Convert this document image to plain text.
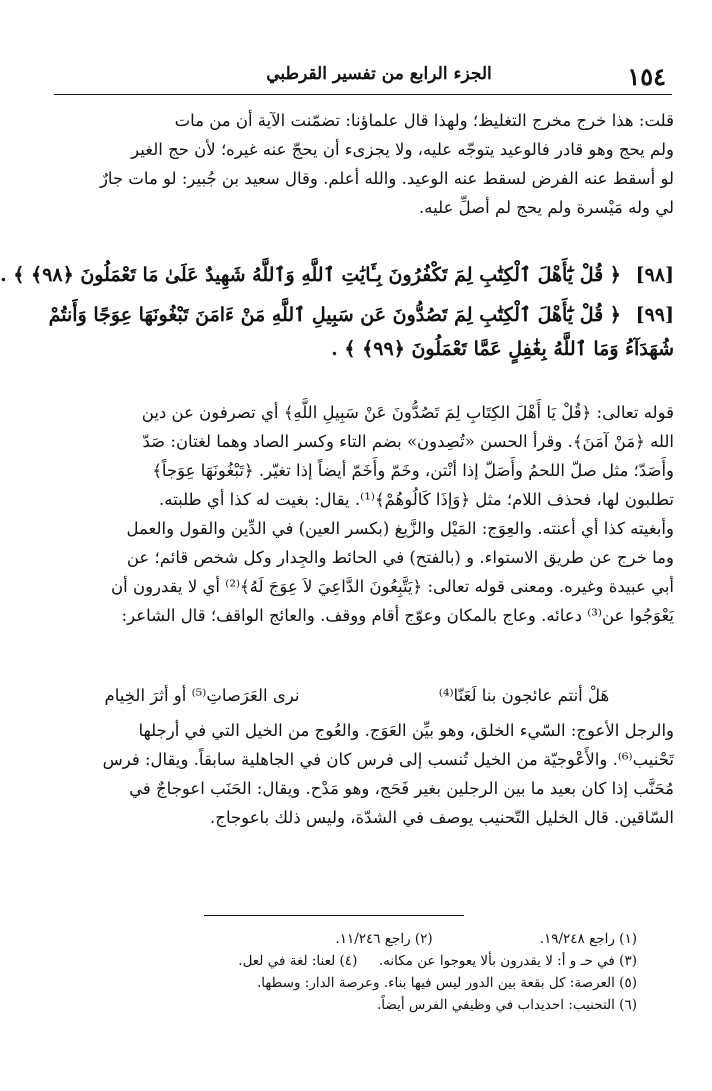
١٥٤
الجزء الرابع من تفسير القرطبي
قلت: هذا خرج مخرج التغليظ؛ ولهذا قال علماؤنا: تضمّنت الآية أن من مات
ولم يحج وهو قادر فالوعيد يتوجّه عليه، ولا يجزىء أن يحجّ عنه غيره؛ لأن حج الغير
لو أسقط عنه الفرض لسقط عنه الوعيد. والله أعلم. وقال سعيد بن جُبير: لو مات جارٌ
لي وله مَيْسرة ولم يحج لم أصلِّ عليه.
[٩٨] ﴿ قُلْ يَٰٓأَهْلَ ٱلْكِتَٰبِ لِمَ تَكْفُرُونَ بِـَٔايَٰتِ ٱللَّهِ وَٱللَّهُ شَهِيدٌ عَلَىٰ مَا تَعْمَلُونَ ﴿٩٨﴾ ﴾ .
[٩٩] ﴿ قُلْ يَٰٓأَهْلَ ٱلْكِتَٰبِ لِمَ تَصُدُّونَ عَن سَبِيلِ ٱللَّهِ مَنْ ءَامَنَ تَبْغُونَهَا عِوَجًا وَأَنتُمْ
شُهَدَآءُ وَمَا ٱللَّهُ بِغَٰفِلٍ عَمَّا تَعْمَلُونَ ﴿٩٩﴾ ﴾ .
قوله تعالى: ﴿قُلْ يَا أَهْلَ الكِتَابِ لِمَ تَصُدُّونَ عَنْ سَبِيلِ اللَّهِ﴾ أي تصرفون عن دين
الله ﴿مَنْ آمَنَ﴾. وقرأ الحسن «تُصِدون» بضم التاء وكسر الصاد وهما لغتان: صَدّ
وأَصَدّ؛ مثل صلّ اللحمُ وأَصَلّ إذا أنْتن، وخَمّ وأَخَمّ أيضاً إذا تغيّر. ﴿تَبْغُونَهَا عِوَجاً﴾
تطلبون لها، فحذف اللام؛ مثل ﴿وَإذَا كَالُوهُمْ﴾⁽¹⁾. يقال: بغيت له كذا أي طلبته.
وأبغيته كذا أي أعنته. والعِوَج: المَيْل والزَّيغ (بكسر العين) في الدِّين والقول والعمل
وما خرج عن طريق الاستواء. و (بالفتح) في الحائط والجِدار وكل شخص قائم؛ عن
أبي عبيدة وغيره. ومعنى قوله تعالى: ﴿يَتَّبِعُونَ الدَّاعِيَ لاَ عِوَجَ لَهُ﴾⁽²⁾ أي لا يقدرون أن
يَعْوَجُوا عن⁽³⁾ دعائه. وعاج بالمكان وعوّج أقام ووقف. والعائج الواقف؛ قال الشاعر:
هَلْ أنتم عائجون بنا لَعَنّا⁽⁴⁾
نرى العَرَصاتِ⁽⁵⁾ أو أثرَ الخِيام
والرجل الأعوج: السّيء الخلق، وهو بيِّن العَوَج. والعُوج من الخيل التي في أرجلها
تَحْنيب⁽⁶⁾. والأَعْوجيّة من الخيل تُنسب إلى فرس كان في الجاهلية سابقاً. ويقال: فرس
مُحَنَّب إذا كان بعيد ما بين الرجلين بغير فَحَج، وهو مَدْح. ويقال: الحَنَب اعوجاجٌ في
السّاقين. قال الخليل التّحنيب يوصف في الشدّة، وليس ذلك باعوجاج.
(١) راجع ١٩/٢٤٨. (٢) راجع ١١/٢٤٦.
(٣) في حـ و أ: لا يقدرون بألا يعوجوا عن مكانه.     (٤) لعنا: لغة في لعل.
(٥) العرصة: كل بقعة بين الدور ليس فيها بناء. وعرصة الدار: وسطها.
(٦) التحنيب: احديداب في وظيفي الفرس أيضاً.
